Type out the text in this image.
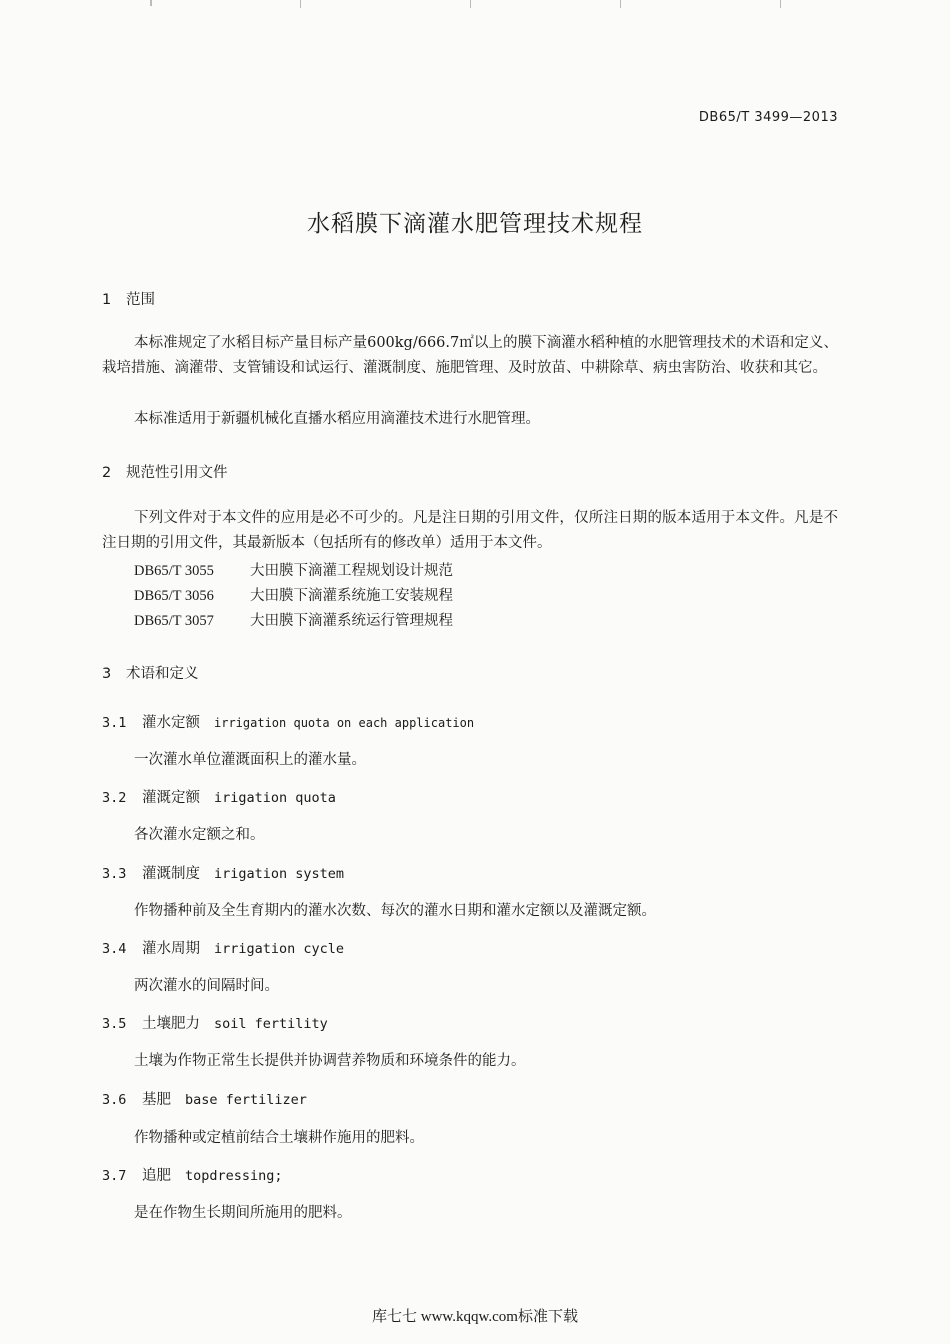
DB65/T 3499—2013
水稻膜下滴灌水肥管理技术规程
1 范围
本标准规定了水稻目标产量目标产量600kg/666.7㎡以上的膜下滴灌水稻种植的水肥管理技术的术语和定义、栽培措施、滴灌带、支管铺设和试运行、灌溉制度、施肥管理、及时放苗、中耕除草、病虫害防治、收获和其它。
本标准适用于新疆机械化直播水稻应用滴灌技术进行水肥管理。
2 规范性引用文件
下列文件对于本文件的应用是必不可少的。凡是注日期的引用文件，仅所注日期的版本适用于本文件。凡是不注日期的引用文件，其最新版本（包括所有的修改单）适用于本文件。
DB65/T 3055 大田膜下滴灌工程规划设计规范
DB65/T 3056 大田膜下滴灌系统施工安装规程
DB65/T 3057 大田膜下滴灌系统运行管理规程
3 术语和定义
3.1 灌水定额 irrigation quota on each application
一次灌水单位灌溉面积上的灌水量。
3.2 灌溉定额 irigation quota
各次灌水定额之和。
3.3 灌溉制度 irigation system
作物播种前及全生育期内的灌水次数、每次的灌水日期和灌水定额以及灌溉定额。
3.4 灌水周期 irrigation cycle
两次灌水的间隔时间。
3.5 土壤肥力 soil fertility
土壤为作物正常生长提供并协调营养物质和环境条件的能力。
3.6 基肥 base fertilizer
作物播种或定植前结合土壤耕作施用的肥料。
3.7 追肥 topdressing;
是在作物生长期间所施用的肥料。
库七七 www.kqqw.com标准下载
